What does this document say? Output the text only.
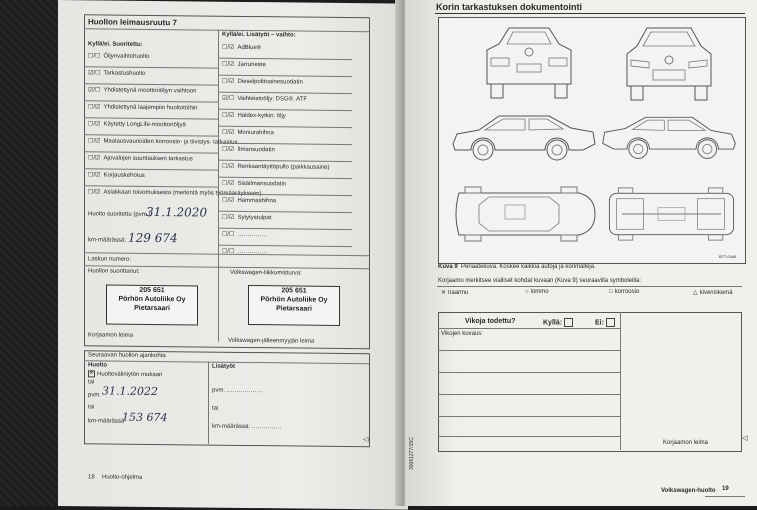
Huollon leimausruutu 7
Kyllä/ei. Suoritettu:
Kyllä/ei. Lisätyöt – vaihto:
☐/☐ Öljynvaihtohuolto
☑/☐ Tarkastushuolto
☑/☐ Yhdistettynä moottoriöljyn vaihtoon
☐/☑ Yhdistettynä laajempiin huoltotöihin
☐/☑ Käytetty LongLife-moottoriöljyä
☐/☑ Maalausvaurioiden korroosio- ja tiivistys- tarkastus
☐/☑ Ajovalojen suuntauksen tarkastus
☐/☑ Korjauskehotus
☐/☑ Asiakkaan toivomuksesta (merkintä myös työmääräykseen)
☐/☑ AdBlue®
☐/☑ Jarruneste
☐/☑ Dieselpolttoainesuodatin
☑/☐ Vaihteistoöljy: DSG®, ATF
☐/☑ Haldex-kytkin: öljy
☐/☑ Moniurahihna
☐/☑ Ilmansuodatin
☐/☑ Renkaantäyttöpullo (paikkausaine)
☐/☑ Sisäilmansuodatin
☐/☑ Hammashihna
☐/☑ Sytytystulpat
☐/☐ ……………
☐/☐ ……………
Huolto suoritettu (pvm.):
31.1.2020
km-määrässä: 129 674
Laskun numero:
Huollon suorittanut:	Volkswagen-liikkumisturva:
205 651
Pörhön Autoliike Oy
Pietarsaari
205 651
Pörhön Autoliike Oy
Pietarsaari
Korjaamon leima
Volkswagen-jälleenmyyjän leima
Seuraavan huollon ajankohta
Huolto	Lisätyöt
✕ Huoltoväliniytön mukaan
tai
pvm. 31.1.2022
tai
km-määrässä
153 674
pvm. ………………
tai
km-määrässä: ……………
18 Huolto-ohjelma
◁
Korin tarkastuksen dokumentointi
B7T-0446
Kuva 9 Periaatekuva. Koskee kaikkia autoja ja korimalleja.
Korjaamo merkitsee vialliset kohdat kuvaan (Kuva 9) seuraavilla symboleilla:
✕ naarmu	○ lommo	□ korroosio	△ kiveniskemä
Vikoja todettu?	Kyllä:	Ei:
Vikojen kuvaus:
Korjaamon leima
◁
30061277/15C
Volkswagen-huolto 19
